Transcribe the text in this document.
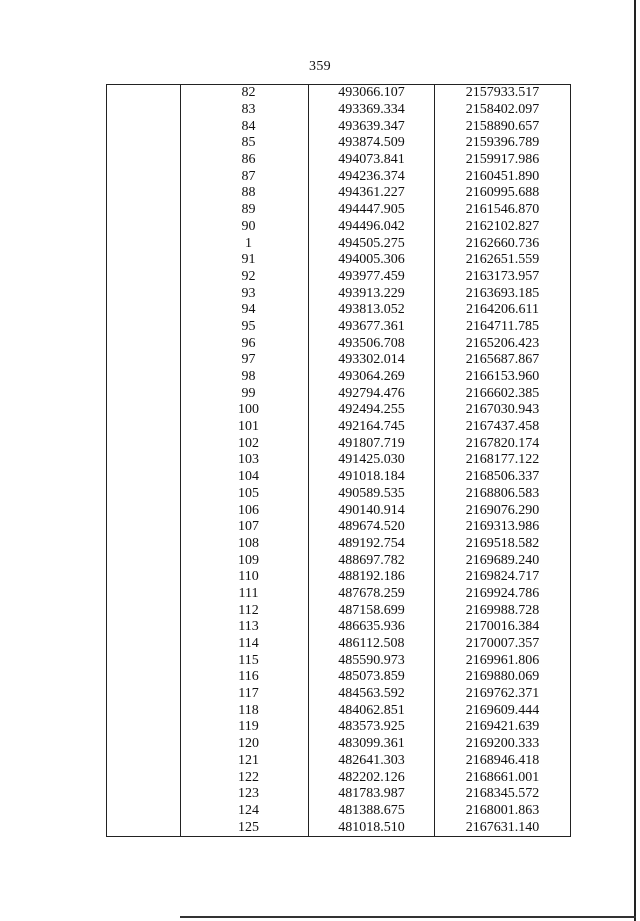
359
	82	493066.107	2157933.517
	83	493369.334	2158402.097
	84	493639.347	2158890.657
	85	493874.509	2159396.789
	86	494073.841	2159917.986
	87	494236.374	2160451.890
	88	494361.227	2160995.688
	89	494447.905	2161546.870
	90	494496.042	2162102.827
	1	494505.275	2162660.736
	91	494005.306	2162651.559
	92	493977.459	2163173.957
	93	493913.229	2163693.185
	94	493813.052	2164206.611
	95	493677.361	2164711.785
	96	493506.708	2165206.423
	97	493302.014	2165687.867
	98	493064.269	2166153.960
	99	492794.476	2166602.385
	100	492494.255	2167030.943
	101	492164.745	2167437.458
	102	491807.719	2167820.174
	103	491425.030	2168177.122
	104	491018.184	2168506.337
	105	490589.535	2168806.583
	106	490140.914	2169076.290
	107	489674.520	2169313.986
	108	489192.754	2169518.582
	109	488697.782	2169689.240
	110	488192.186	2169824.717
	111	487678.259	2169924.786
	112	487158.699	2169988.728
	113	486635.936	2170016.384
	114	486112.508	2170007.357
	115	485590.973	2169961.806
	116	485073.859	2169880.069
	117	484563.592	2169762.371
	118	484062.851	2169609.444
	119	483573.925	2169421.639
	120	483099.361	2169200.333
	121	482641.303	2168946.418
	122	482202.126	2168661.001
	123	481783.987	2168345.572
	124	481388.675	2168001.863
	125	481018.510	2167631.140
